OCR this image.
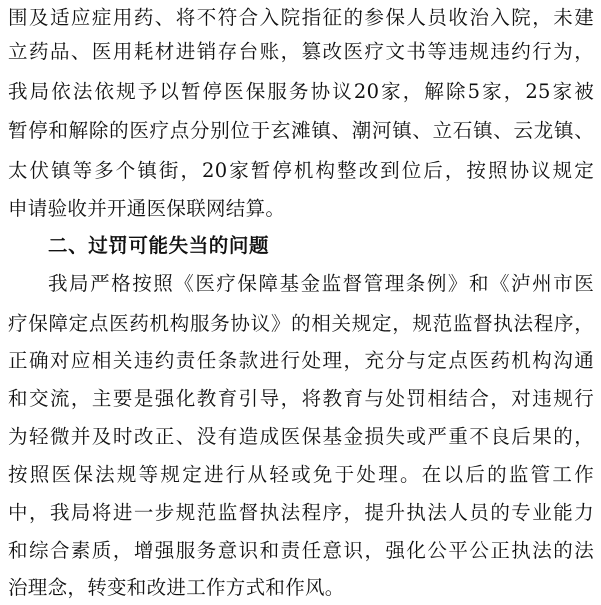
围及适应症用药、将不符合入院指征的参保人员收治入院，未建
立药品、医用耗材进销存台账，篡改医疗文书等违规违约行为，
我局依法依规予以暂停医保服务协议20家，解除5家，25家被
暂停和解除的医疗点分别位于玄滩镇、潮河镇、立石镇、云龙镇、
太伏镇等多个镇街，20家暂停机构整改到位后，按照协议规定
申请验收并开通医保联网结算。
二、过罚可能失当的问题
我局严格按照《医疗保障基金监督管理条例》和《泸州市医
疗保障定点医药机构服务协议》的相关规定，规范监督执法程序，
正确对应相关违约责任条款进行处理，充分与定点医药机构沟通
和交流，主要是强化教育引导，将教育与处罚相结合，对违规行
为轻微并及时改正、没有造成医保基金损失或严重不良后果的，
按照医保法规等规定进行从轻或免于处理。在以后的监管工作
中，我局将进一步规范监督执法程序，提升执法人员的专业能力
和综合素质，增强服务意识和责任意识，强化公平公正执法的法
治理念，转变和改进工作方式和作风。
